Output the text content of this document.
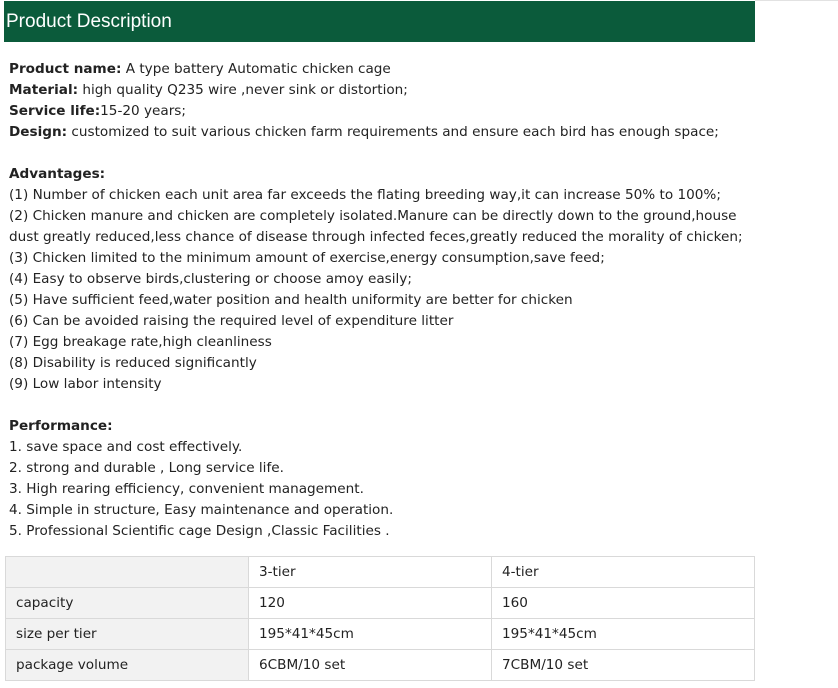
Product Description

Product name: A type battery Automatic chicken cage

Material: high quality Q235 wire ,never sink or distortion;

Service life:15-20 years;

Design: customized to suit various chicken farm requirements and ensure each bird has enough space;

Advantages:

(1) Number of chicken each unit area far exceeds the flating breeding way,it can increase 50% to 100%;

(2) Chicken manure and chicken are completely isolated.Manure can be directly down to the ground,house dust greatly reduced,less chance of disease through infected feces,greatly reduced the morality of chicken;

(3) Chicken limited to the minimum amount of exercise,energy consumption,save feed;

(4) Easy to observe birds,clustering or choose amoy easily;

(5) Have sufficient feed,water position and health uniformity are better for chicken

(6) Can be avoided raising the required level of expenditure litter

(7) Egg breakage rate,high cleanliness

(8) Disability is reduced significantly

(9) Low labor intensity

Performance:

1. save space and cost effectively.

2. strong and durable , Long service life.

3. High rearing efficiency, convenient management.

4. Simple in structure, Easy maintenance and operation.

5. Professional Scientific cage Design ,Classic Facilities .

	3-tier	4-tier
capacity	120	160
size per tier	195*41*45cm	195*41*45cm
package volume	6CBM/10 set	7CBM/10 set
